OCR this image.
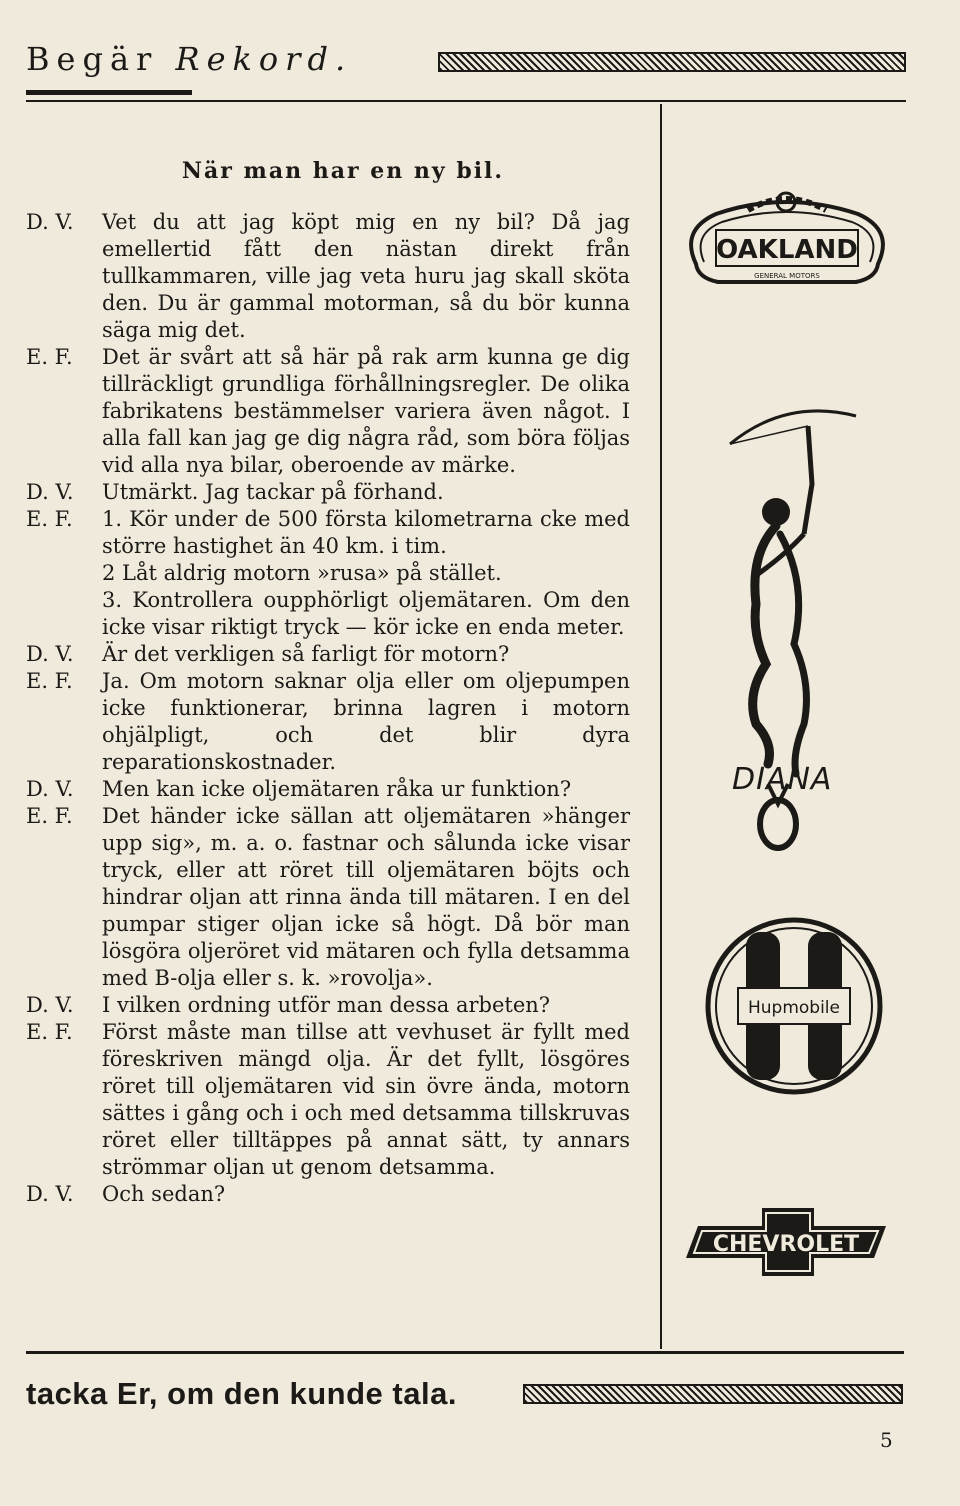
Begär Rekord.
När man har en ny bil.
D. V.	Vet du att jag köpt mig en ny bil? Då jag emellertid fått den nästan direkt från tullkammaren, ville jag veta huru jag skall sköta den. Du är gammal motorman, så du bör kunna säga mig det.

E. F.	Det är svårt att så här på rak arm kunna ge dig tillräckligt grundliga förhållningsregler. De olika fabrikatens bestämmelser variera även något. I alla fall kan jag ge dig några råd, som böra följas vid alla nya bilar, oberoende av märke.

D. V.	Utmärkt. Jag tackar på förhand.

E. F.	1. Kör under de 500 första kilometrarna cke med större hastighet än 40 km. i tim.

2 Låt aldrig motorn »rusa» på stället.

3. Kontrollera oupphörligt oljemätaren. Om den icke visar riktigt tryck — kör icke en enda meter.

D. V.	Är det verkligen så farligt för motorn?

E. F.	Ja. Om motorn saknar olja eller om oljepumpen icke funktionerar, brinna lagren i motorn ohjälpligt, och det blir dyra reparationskostnader.

D. V.	Men kan icke oljemätaren råka ur funktion?

E. F.	Det händer icke sällan att oljemätaren »hänger upp sig», m. a. o. fastnar och sålunda icke visar tryck, eller att röret till oljemätaren böjts och hindrar oljan att rinna ända till mätaren. I en del pumpar stiger oljan icke så högt. Då bör man lösgöra oljeröret vid mätaren och fylla detsamma med B-olja eller s. k. »rovolja».

D. V.	I vilken ordning utför man dessa arbeten?

E. F.	Först måste man tillse att vevhuset är fyllt med föreskriven mängd olja. Är det fyllt, lösgöres röret till oljemätaren vid sin övre ända, motorn sättes i gång och i och med detsamma tillskruvas röret eller tilltäppes på annat sätt, ty annars strömmar oljan ut genom detsamma.

D. V.	Och sedan?

OAKLAND
GENERAL MOTORS
DIANA
Hupmobile
CHEVROLET
tacka Er, om den kunde tala.
5
